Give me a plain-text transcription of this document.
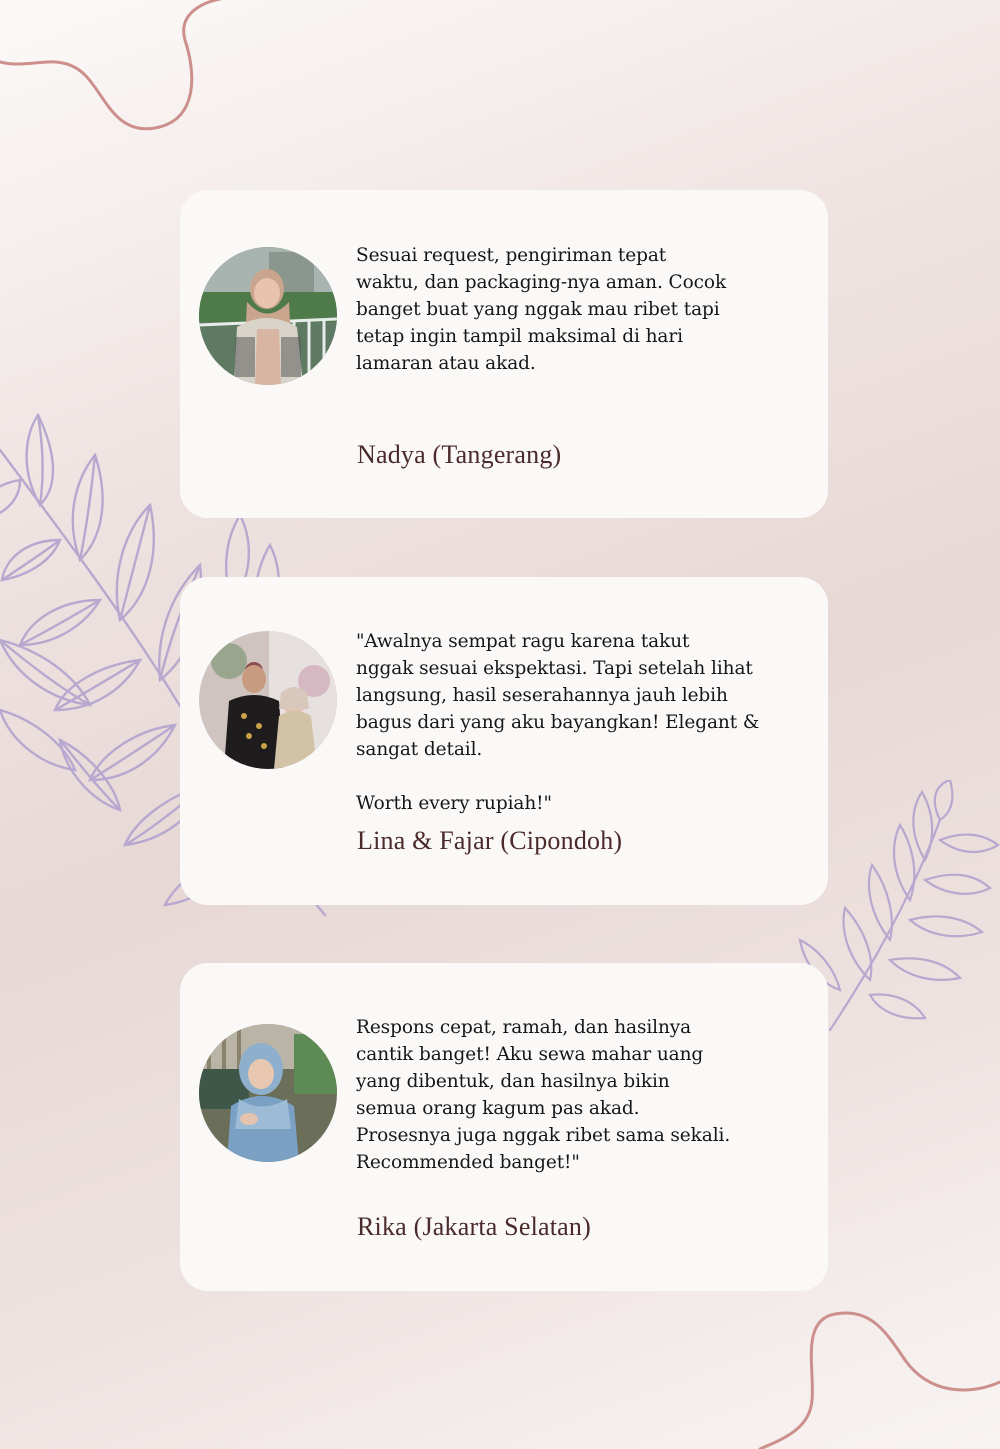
Sesuai request, pengiriman tepat
waktu, dan packaging-nya aman. Cocok
banget buat yang nggak mau ribet tapi
tetap ingin tampil maksimal di hari
lamaran atau akad.
Nadya (Tangerang)
"Awalnya sempat ragu karena takut
nggak sesuai ekspektasi. Tapi setelah lihat
langsung, hasil seserahannya jauh lebih
bagus dari yang aku bayangkan! Elegant &
sangat detail.

Worth every rupiah!"
Lina & Fajar (Cipondoh)
Respons cepat, ramah, dan hasilnya
cantik banget! Aku sewa mahar uang
yang dibentuk, dan hasilnya bikin
semua orang kagum pas akad.
Prosesnya juga nggak ribet sama sekali.
Recommended banget!"
Rika (Jakarta Selatan)
